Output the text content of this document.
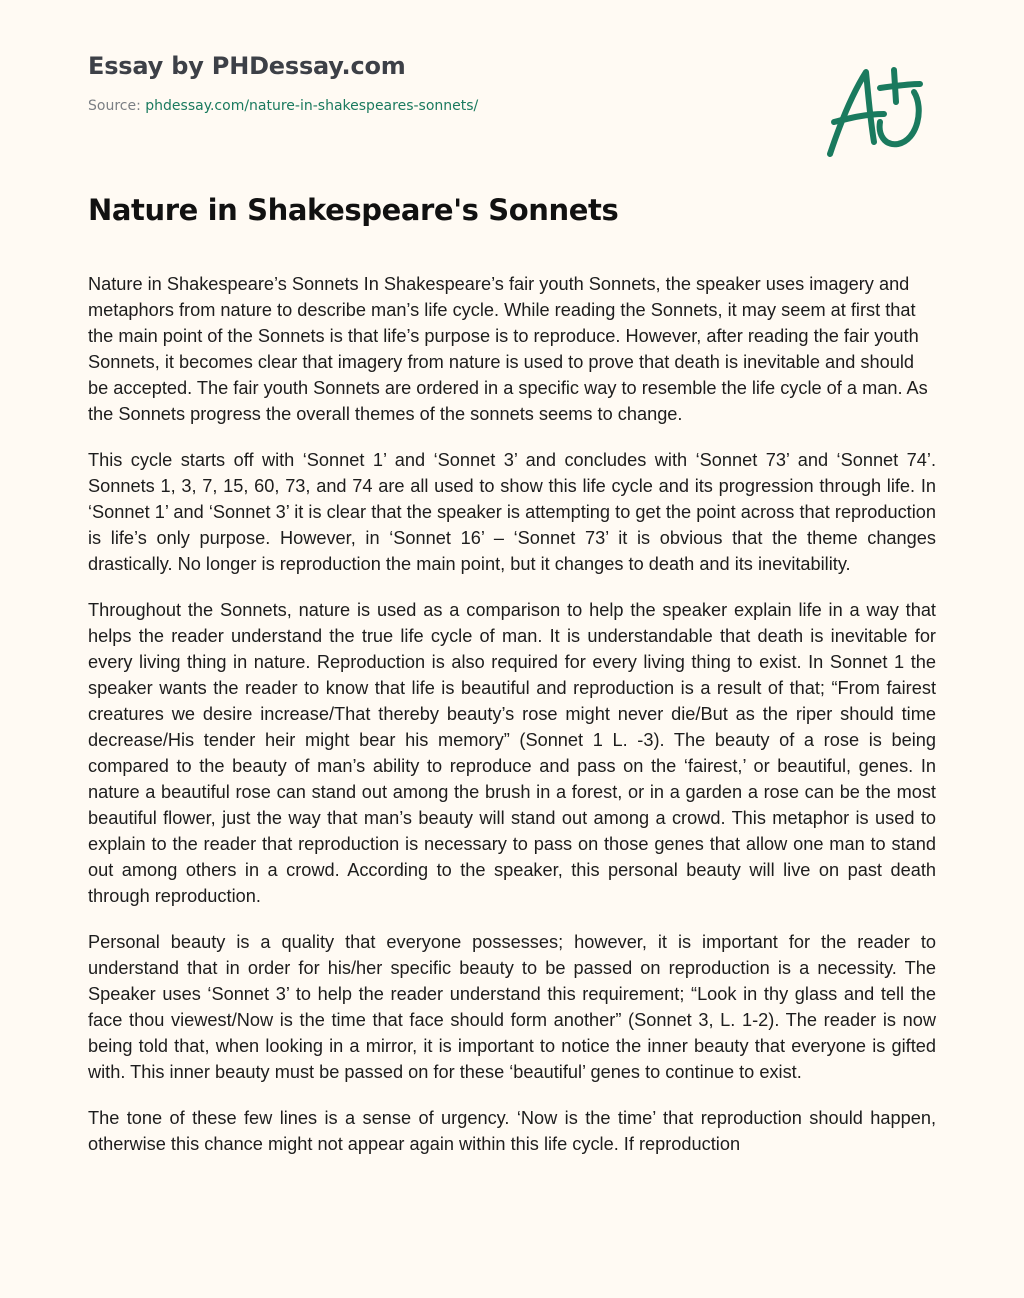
Essay by PHDessay.com
Source: phdessay.com/nature-in-shakespeares-sonnets/
Nature in Shakespeare's Sonnets

Nature in Shakespeare’s Sonnets In Shakespeare’s fair youth Sonnets, the speaker uses imagery and metaphors from nature to describe man’s life cycle. While reading the Sonnets, it may seem at first that the main point of the Sonnets is that life’s purpose is to reproduce. However, after reading the fair youth Sonnets, it becomes clear that imagery from nature is used to prove that death is inevitable and should be accepted. The fair youth Sonnets are ordered in a specific way to resemble the life cycle of a man. As the Sonnets progress the overall themes of the sonnets seems to change.

This cycle starts off with ‘Sonnet 1’ and ‘Sonnet 3’ and concludes with ‘Sonnet 73’ and ‘Sonnet 74’. Sonnets 1, 3, 7, 15, 60, 73, and 74 are all used to show this life cycle and its progression through life. In ‘Sonnet 1’ and ‘Sonnet 3’ it is clear that the speaker is attempting to get the point across that reproduction is life’s only purpose. However, in ‘Sonnet 16’ – ‘Sonnet 73’ it is obvious that the theme changes drastically. No longer is reproduction the main point, but it changes to death and its inevitability.

Throughout the Sonnets, nature is used as a comparison to help the speaker explain life in a way that helps the reader understand the true life cycle of man. It is understandable that death is inevitable for every living thing in nature. Reproduction is also required for every living thing to exist. In Sonnet 1 the speaker wants the reader to know that life is beautiful and reproduction is a result of that; “From fairest creatures we desire increase/That thereby beauty’s rose might never die/But as the riper should time decrease/His tender heir might bear his memory” (Sonnet 1 L. -3). The beauty of a rose is being compared to the beauty of man’s ability to reproduce and pass on the ‘fairest,’ or beautiful, genes. In nature a beautiful rose can stand out among the brush in a forest, or in a garden a rose can be the most beautiful flower, just the way that man’s beauty will stand out among a crowd. This metaphor is used to explain to the reader that reproduction is necessary to pass on those genes that allow one man to stand out among others in a crowd. According to the speaker, this personal beauty will live on past death through reproduction.

Personal beauty is a quality that everyone possesses; however, it is important for the reader to understand that in order for his/her specific beauty to be passed on reproduction is a necessity. The Speaker uses ‘Sonnet 3’ to help the reader understand this requirement; “Look in thy glass and tell the face thou viewest/Now is the time that face should form another” (Sonnet 3, L. 1-2). The reader is now being told that, when looking in a mirror, it is important to notice the inner beauty that everyone is gifted with. This inner beauty must be passed on for these ‘beautiful’ genes to continue to exist.

The tone of these few lines is a sense of urgency. ‘Now is the time’ that reproduction should happen, otherwise this chance might not appear again within this life cycle. If reproduction
